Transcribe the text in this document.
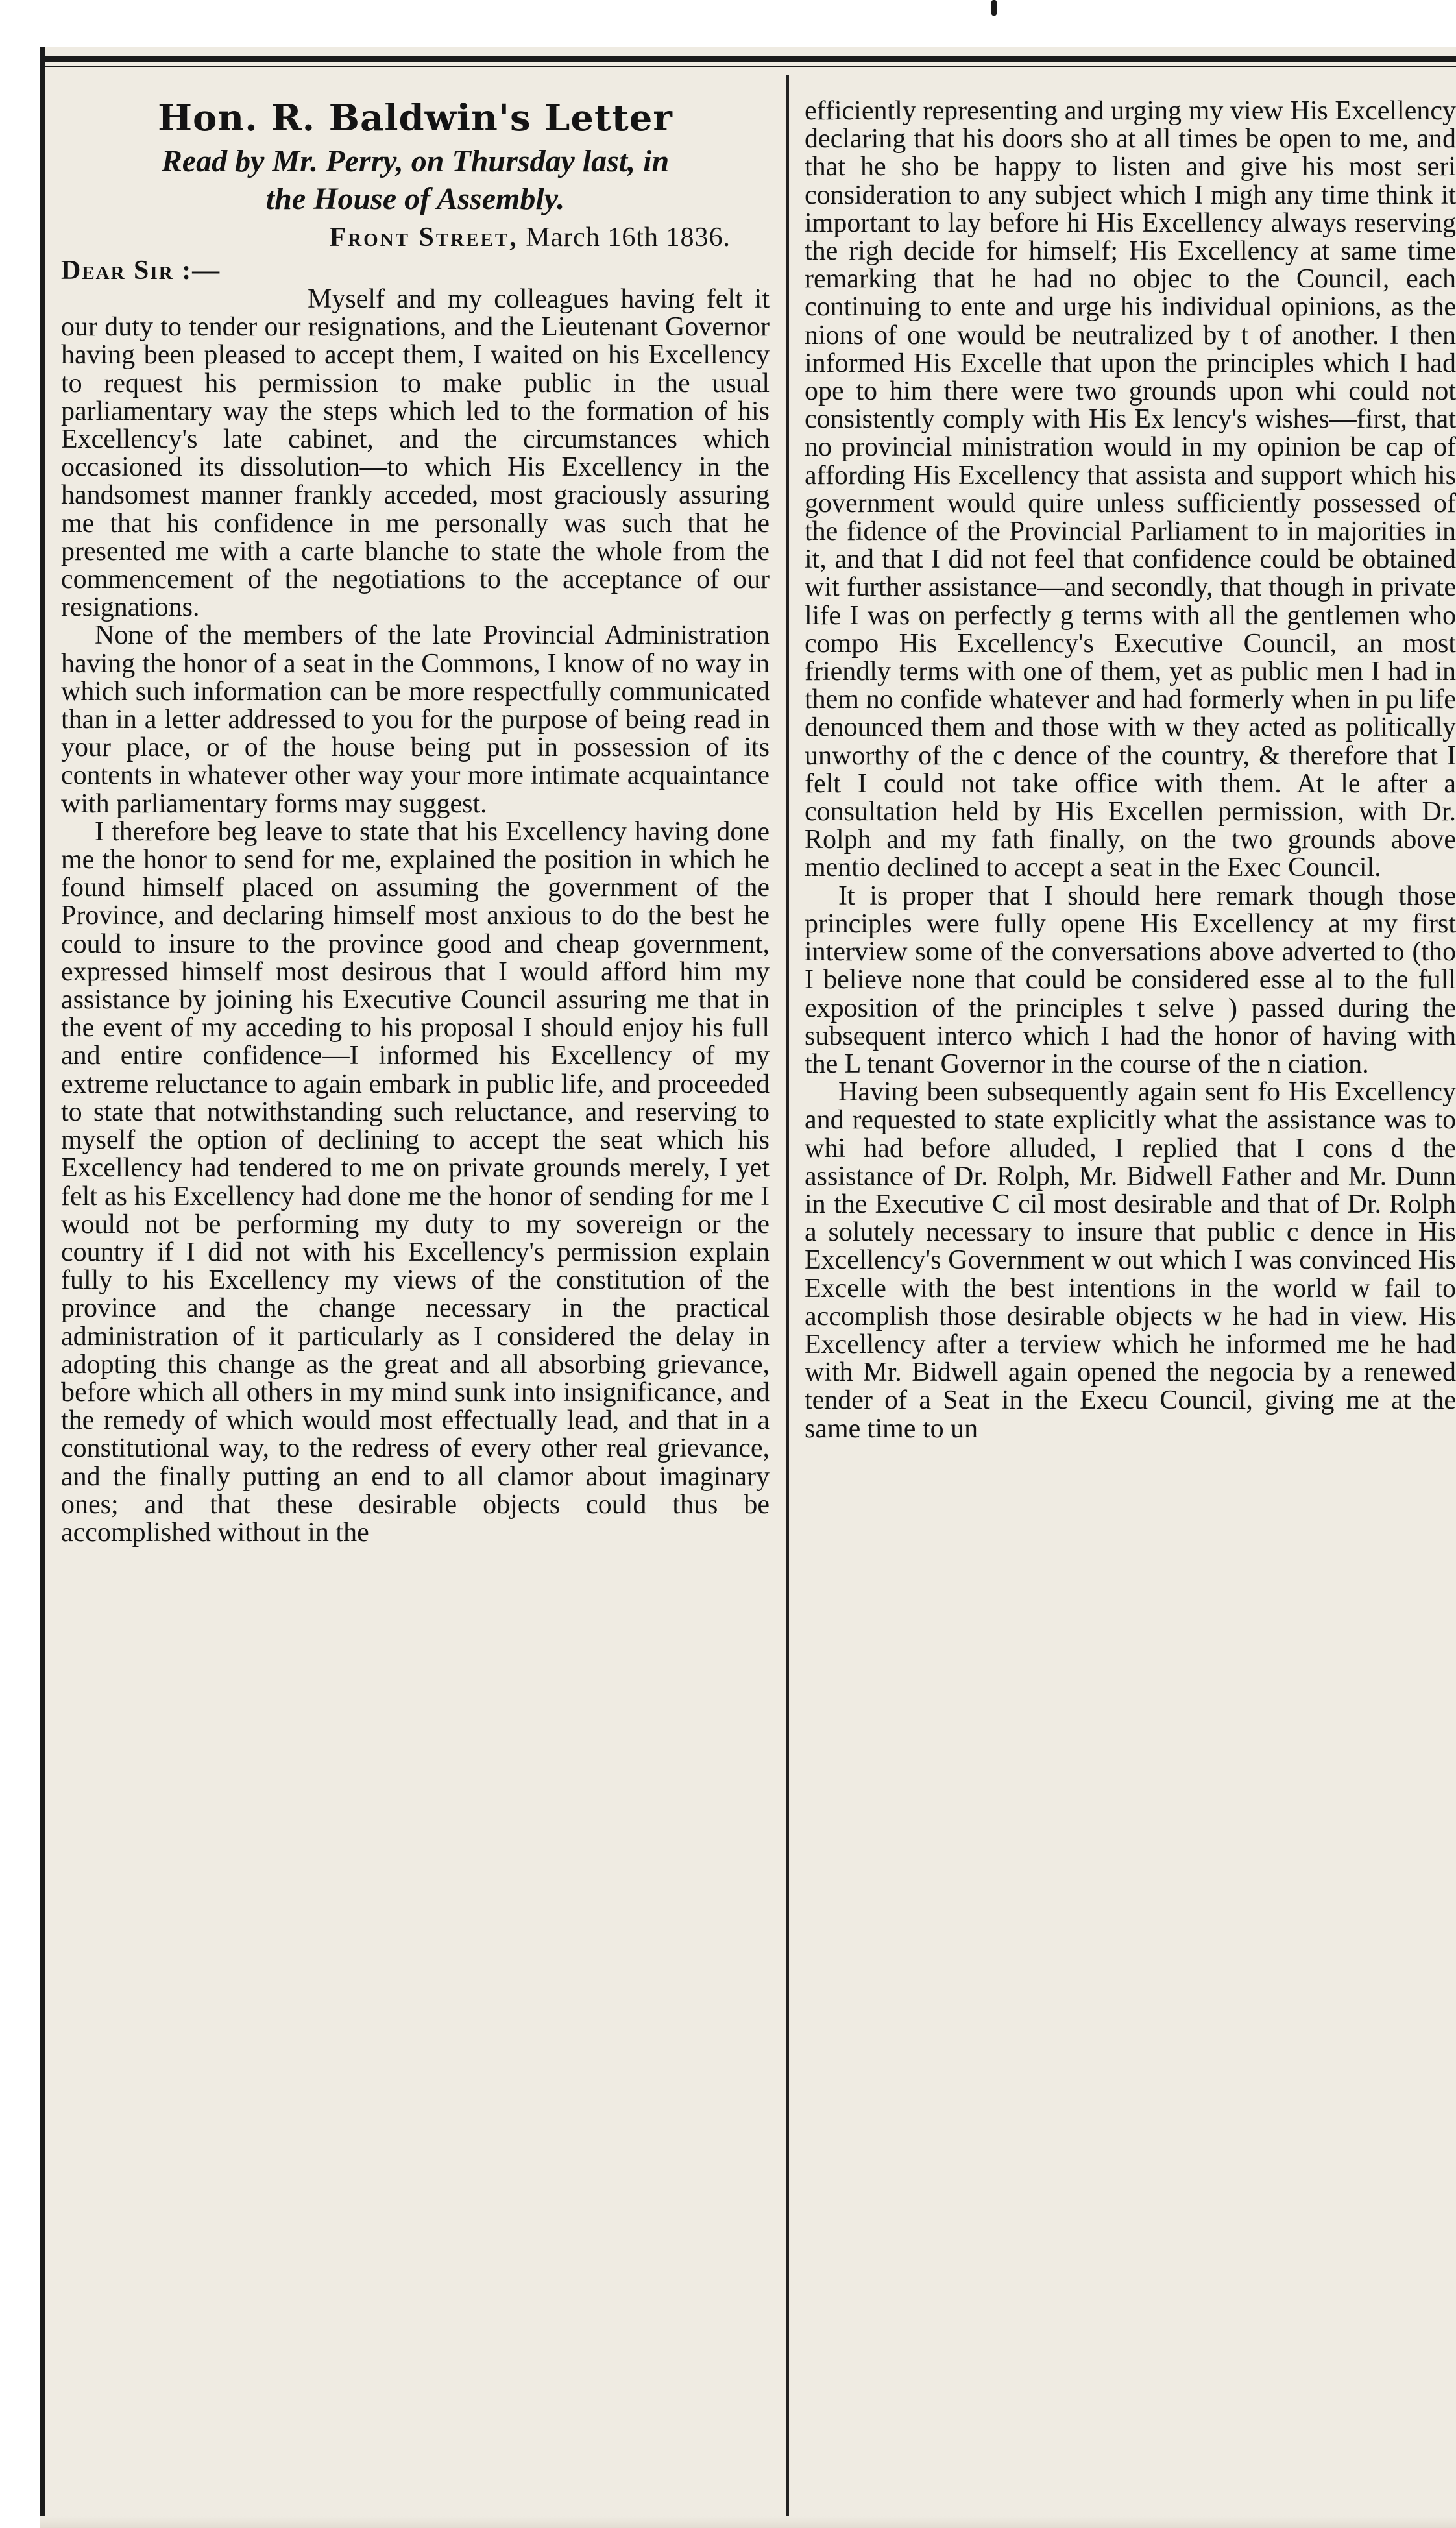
Hon. R. Baldwin's Letter

Read by Mr. Perry, on Thursday last, in

the House of Assembly.

Front Street, March 16th 1836.

Dear Sir :—

Myself and my colleagues having felt it our duty to tender our resignations, and the Lieutenant Governor having been pleased to accept them, I waited on his Excellency to request his permission to make public in the usual parliamentary way the steps which led to the formation of his Excellency's late cabinet, and the circumstances which occasioned its dissolution—to which His Excellency in the handsomest manner frankly acceded, most graciously assuring me that his confidence in me personally was such that he presented me with a carte blanche to state the whole from the commencement of the negotiations to the acceptance of our resignations.

None of the members of the late Provincial Administration having the honor of a seat in the Commons, I know of no way in which such information can be more respectfully communicated than in a letter addressed to you for the purpose of being read in your place, or of the house being put in possession of its contents in whatever other way your more intimate acquaintance with parliamentary forms may suggest.

I therefore beg leave to state that his Excellency having done me the honor to send for me, explained the position in which he found himself placed on assuming the government of the Province, and declaring himself most anxious to do the best he could to insure to the province good and cheap government, expressed himself most desirous that I would afford him my assistance by joining his Executive Council assuring me that in the event of my acceding to his proposal I should enjoy his full and entire confidence—I informed his Excellency of my extreme reluctance to again embark in public life, and proceeded to state that notwithstanding such reluctance, and reserving to myself the option of declining to accept the seat which his Excellency had tendered to me on private grounds merely, I yet felt as his Excellency had done me the honor of sending for me I would not be performing my duty to my sovereign or the country if I did not with his Excellency's permission explain fully to his Excellency my views of the constitution of the province and the change necessary in the practical administration of it particularly as I considered the delay in adopting this change as the great and all absorbing grievance, before which all others in my mind sunk into insignificance, and the remedy of which would most effectually lead, and that in a constitutional way, to the redress of every other real grievance, and the finally putting an end to all clamor about imaginary ones; and that these desirable objects could thus be accomplished without in the

efficiently representing and urging my view His Excellency declaring that his doors sho at all times be open to me, and that he sho be happy to listen and give his most seri consideration to any subject which I migh any time think it important to lay before hi His Excellency always reserving the righ decide for himself; His Excellency at same time remarking that he had no objec to the Council, each continuing to ente and urge his individual opinions, as the nions of one would be neutralized by t of another. I then informed His Excelle that upon the principles which I had ope to him there were two grounds upon whi could not consistently comply with His Ex lency's wishes—first, that no provincial ministration would in my opinion be cap of affording His Excellency that assista and support which his government would quire unless sufficiently possessed of the fidence of the Provincial Parliament to in majorities in it, and that I did not feel that confidence could be obtained wit further assistance—and secondly, that though in private life I was on perfectly g terms with all the gentlemen who compo His Excellency's Executive Council, an most friendly terms with one of them, yet as public men I had in them no confide whatever and had formerly when in pu life denounced them and those with w they acted as politically unworthy of the c dence of the country, & therefore that I felt I could not take office with them. At le after a consultation held by His Excellen permission, with Dr. Rolph and my fath finally, on the two grounds above mentio declined to accept a seat in the Exec Council.

It is proper that I should here remark though those principles were fully opene His Excellency at my first interview some of the conversations above adverted to (tho I believe none that could be considered esse al to the full exposition of the principles t selve ) passed during the subsequent interco which I had the honor of having with the L tenant Governor in the course of the n ciation.

Having been subsequently again sent fo His Excellency and requested to state explicitly what the assistance was to whi had before alluded, I replied that I cons d the assistance of Dr. Rolph, Mr. Bidwell Father and Mr. Dunn in the Executive C cil most desirable and that of Dr. Rolph a solutely necessary to insure that public c dence in His Excellency's Government w out which I was convinced His Excelle with the best intentions in the world w fail to accomplish those desirable objects w he had in view. His Excellency after a terview which he informed me he had with Mr. Bidwell again opened the negocia by a renewed tender of a Seat in the Execu Council, giving me at the same time to un
